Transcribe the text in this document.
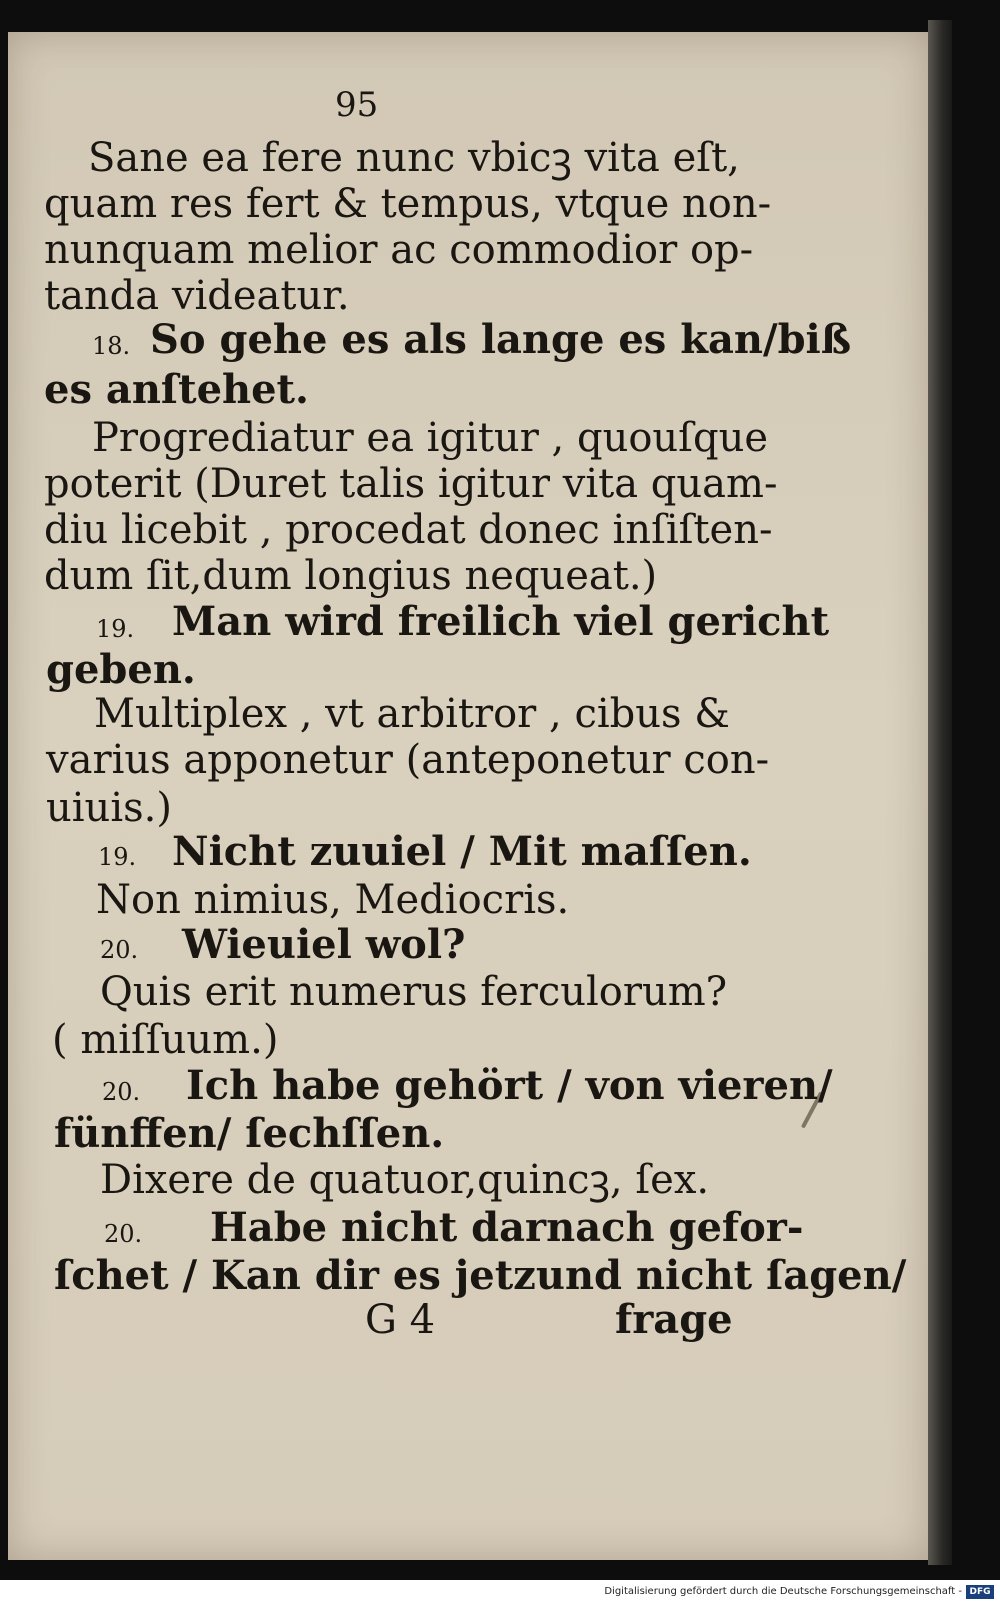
95
Sane ea fere nunc vbicꝫ vita eſt,
quam res fert & tempus, vtque non-
nunquam melior ac commodior op-
tanda videatur.
18. So gehe es als lange es kan/biß
es anſtehet.
Progrediatur ea igitur , quouſque
poterit (Duret talis igitur vita quam-
diu licebit , procedat donec inſiſten-
dum ſit,dum longius nequeat.)
19. Man wird freilich viel gericht
geben.
Multiplex , vt arbitror , cibus &
varius apponetur (anteponetur con-
uiuis.)
19. Nicht zuuiel / Mit maſſen.
Non nimius, Mediocris.
20. Wieuiel wol?
Quis erit numerus ferculorum?
( miſſuum.)
20. Ich habe gehört / von vieren/
fünffen/ ſechſſen.
Dixere de quatuor,quincꝫ, ſex.
20. Habe nicht darnach gefor-
ſchet / Kan dir es jetzund nicht ſagen/
G 4	frage
Digitalisierung gefördert durch die Deutsche Forschungsgemeinschaft - DFG
